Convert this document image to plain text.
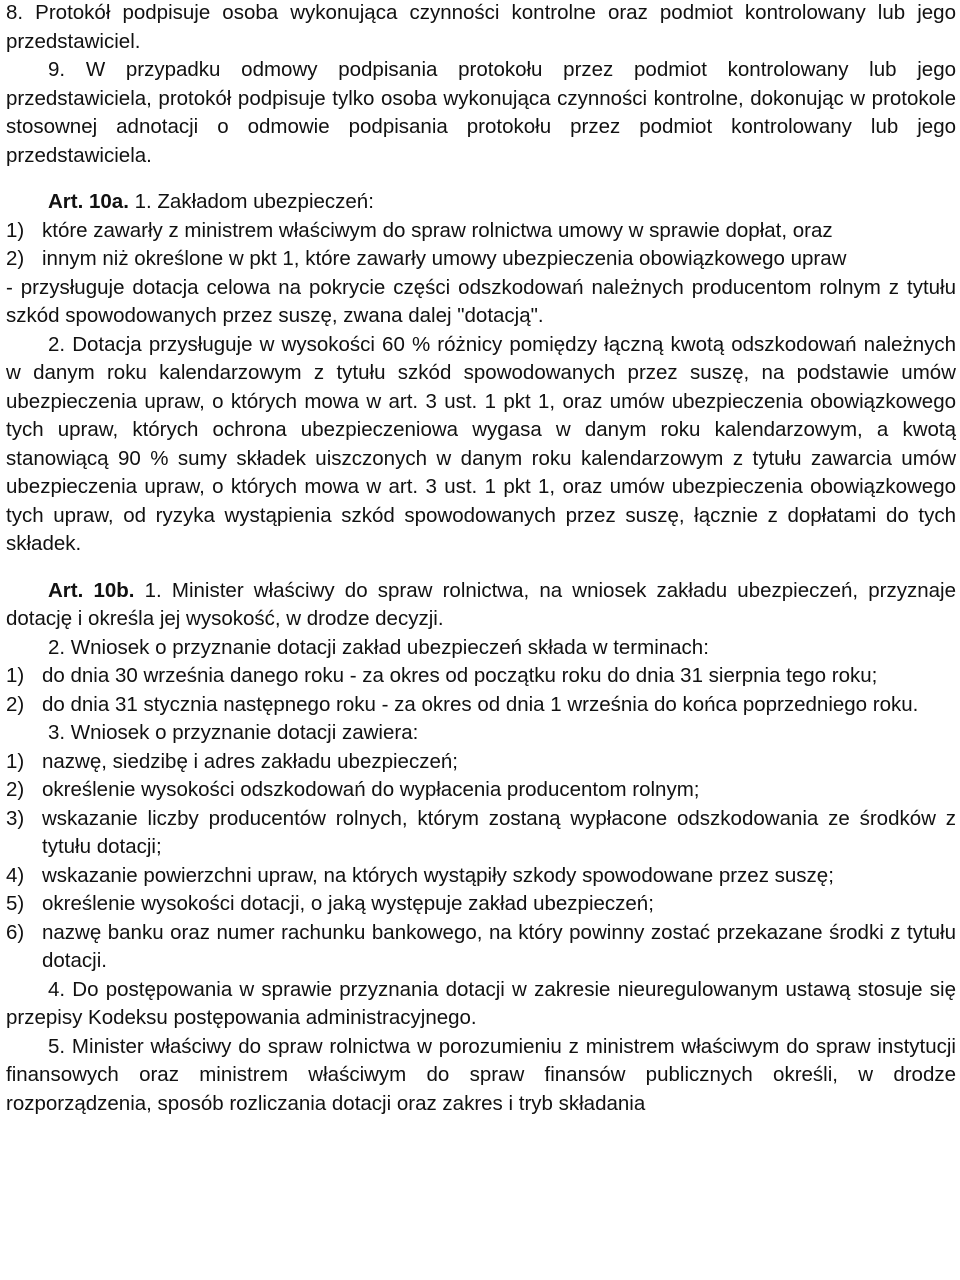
8. Protokół podpisuje osoba wykonująca czynności kontrolne oraz podmiot kontrolowany lub jego przedstawiciel.

9. W przypadku odmowy podpisania protokołu przez podmiot kontrolowany lub jego przedstawiciela, protokół podpisuje tylko osoba wykonująca czynności kontrolne, dokonując w protokole stosownej adnotacji o odmowie podpisania protokołu przez podmiot kontrolowany lub jego przedstawiciela.

Art. 10a. 1. Zakładom ubezpieczeń:

1) które zawarły z ministrem właściwym do spraw rolnictwa umowy w sprawie dopłat, oraz
2) innym niż określone w pkt 1, które zawarły umowy ubezpieczenia obowiązkowego upraw

- przysługuje dotacja celowa na pokrycie części odszkodowań należnych producentom rolnym z tytułu szkód spowodowanych przez suszę, zwana dalej "dotacją".

2. Dotacja przysługuje w wysokości 60 % różnicy pomiędzy łączną kwotą odszkodowań należnych w danym roku kalendarzowym z tytułu szkód spowodowanych przez suszę, na podstawie umów ubezpieczenia upraw, o których mowa w art. 3 ust. 1 pkt 1, oraz umów ubezpieczenia obowiązkowego tych upraw, których ochrona ubezpieczeniowa wygasa w danym roku kalendarzowym, a kwotą stanowiącą 90 % sumy składek uiszczonych w danym roku kalendarzowym z tytułu zawarcia umów ubezpieczenia upraw, o których mowa w art. 3 ust. 1 pkt 1, oraz umów ubezpieczenia obowiązkowego tych upraw, od ryzyka wystąpienia szkód spowodowanych przez suszę, łącznie z dopłatami do tych składek.

Art. 10b. 1. Minister właściwy do spraw rolnictwa, na wniosek zakładu ubezpieczeń, przyznaje dotację i określa jej wysokość, w drodze decyzji.

2. Wniosek o przyznanie dotacji zakład ubezpieczeń składa w terminach:

1) do dnia 30 września danego roku - za okres od początku roku do dnia 31 sierpnia tego roku;
2) do dnia 31 stycznia następnego roku - za okres od dnia 1 września do końca poprzedniego roku.

3. Wniosek o przyznanie dotacji zawiera:

1) nazwę, siedzibę i adres zakładu ubezpieczeń;
2) określenie wysokości odszkodowań do wypłacenia producentom rolnym;
3) wskazanie liczby producentów rolnych, którym zostaną wypłacone odszkodowania ze środków z tytułu dotacji;
4) wskazanie powierzchni upraw, na których wystąpiły szkody spowodowane przez suszę;
5) określenie wysokości dotacji, o jaką występuje zakład ubezpieczeń;
6) nazwę banku oraz numer rachunku bankowego, na który powinny zostać przekazane środki z tytułu dotacji.

4. Do postępowania w sprawie przyznania dotacji w zakresie nieuregulowanym ustawą stosuje się przepisy Kodeksu postępowania administracyjnego.

5. Minister właściwy do spraw rolnictwa w porozumieniu z ministrem właściwym do spraw instytucji finansowych oraz ministrem właściwym do spraw finansów publicznych określi, w drodze rozporządzenia, sposób rozliczania dotacji oraz zakres i tryb składania
